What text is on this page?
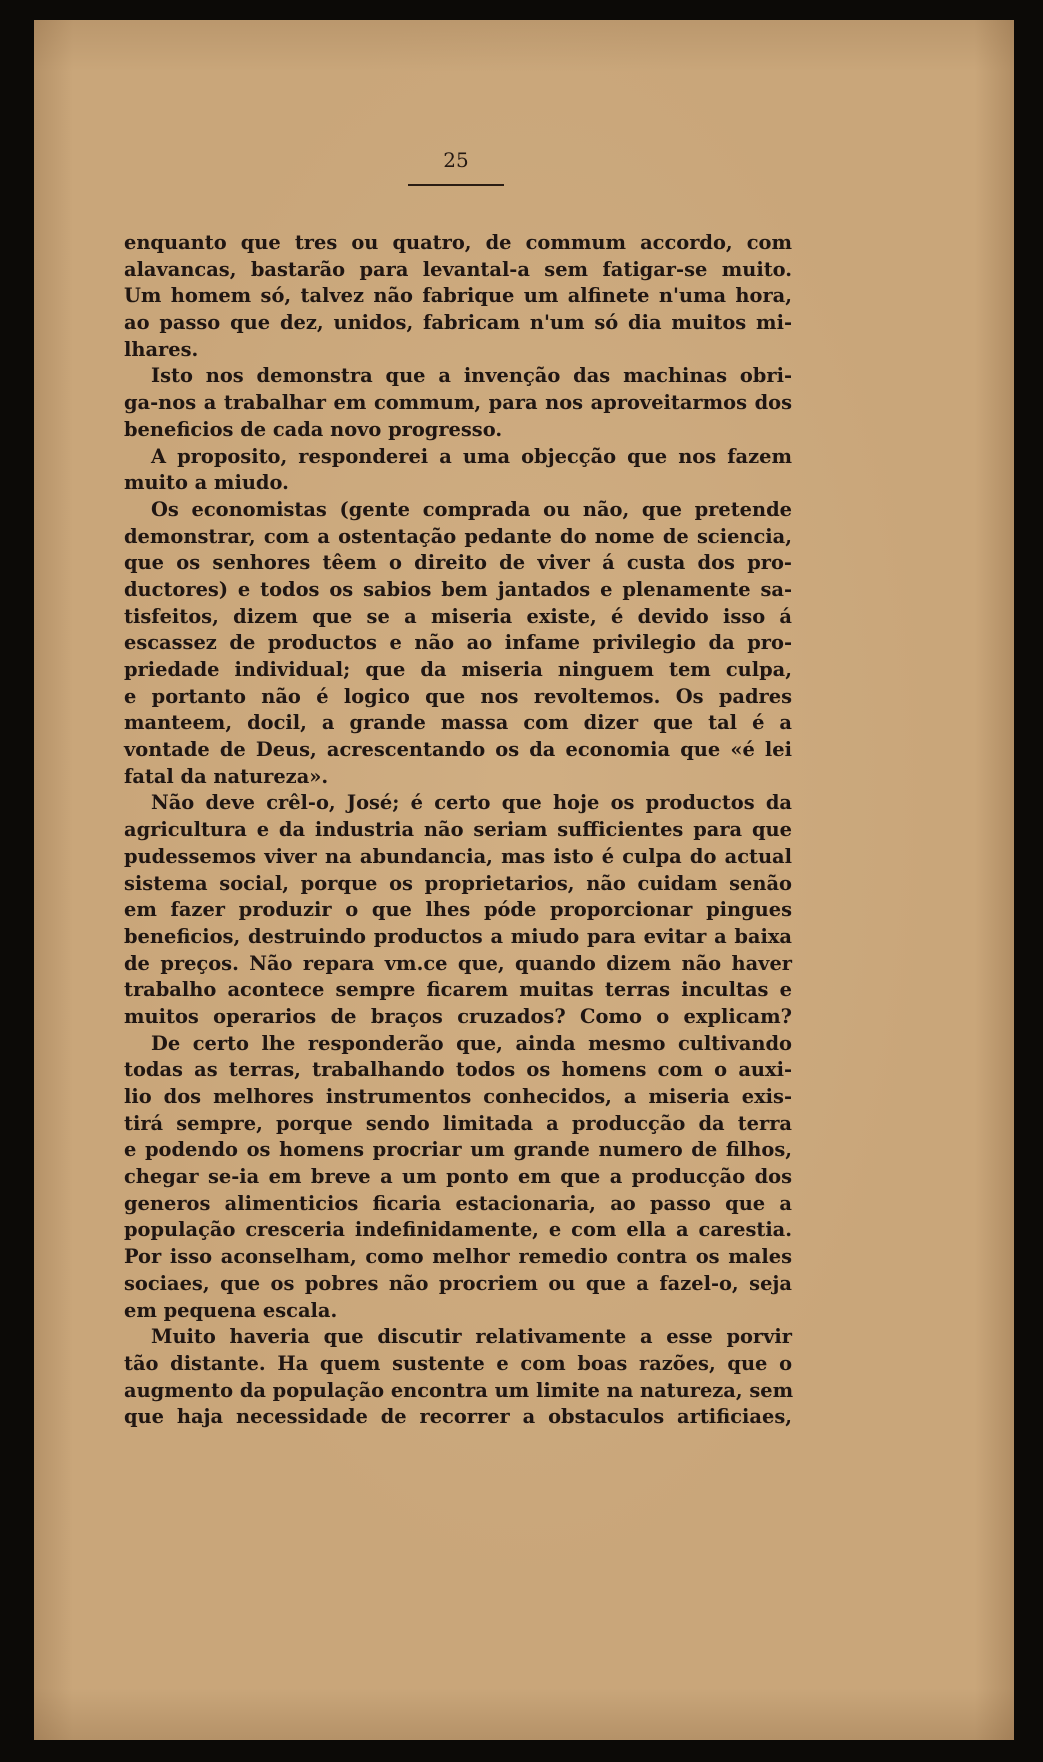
25
enquanto que tres ou quatro, de commum accordo, com
alavancas, bastarão para levantal-a sem fatigar-se muito.
Um homem só, talvez não fabrique um alfinete n'uma hora,
ao passo que dez, unidos, fabricam n'um só dia muitos mi-
lhares.
Isto nos demonstra que a invenção das machinas obri-
ga-nos a trabalhar em commum, para nos aproveitarmos dos
beneficios de cada novo progresso.
A proposito, responderei a uma objecção que nos fazem
muito a miudo.
Os economistas (gente comprada ou não, que pretende
demonstrar, com a ostentação pedante do nome de sciencia,
que os senhores têem o direito de viver á custa dos pro-
ductores) e todos os sabios bem jantados e plenamente sa-
tisfeitos, dizem que se a miseria existe, é devido isso á
escassez de productos e não ao infame privilegio da pro-
priedade individual; que da miseria ninguem tem culpa,
e portanto não é logico que nos revoltemos. Os padres
manteem, docil, a grande massa com dizer que tal é a
vontade de Deus, acrescentando os da economia que «é lei
fatal da natureza».
Não deve crêl-o, José; é certo que hoje os productos da
agricultura e da industria não seriam sufficientes para que
pudessemos viver na abundancia, mas isto é culpa do actual
sistema social, porque os proprietarios, não cuidam senão
em fazer produzir o que lhes póde proporcionar pingues
beneficios, destruindo productos a miudo para evitar a baixa
de preços. Não repara vm.ce que, quando dizem não haver
trabalho acontece sempre ficarem muitas terras incultas e
muitos operarios de braços cruzados? Como o explicam?
De certo lhe responderão que, ainda mesmo cultivando
todas as terras, trabalhando todos os homens com o auxi-
lio dos melhores instrumentos conhecidos, a miseria exis-
tirá sempre, porque sendo limitada a producção da terra
e podendo os homens procriar um grande numero de filhos,
chegar se-ia em breve a um ponto em que a producção dos
generos alimenticios ficaria estacionaria, ao passo que a
população cresceria indefinidamente, e com ella a carestia.
Por isso aconselham, como melhor remedio contra os males
sociaes, que os pobres não procriem ou que a fazel-o, seja
em pequena escala.
Muito haveria que discutir relativamente a esse porvir
tão distante. Ha quem sustente e com boas razões, que o
augmento da população encontra um limite na natureza, sem
que haja necessidade de recorrer a obstaculos artificiaes,
